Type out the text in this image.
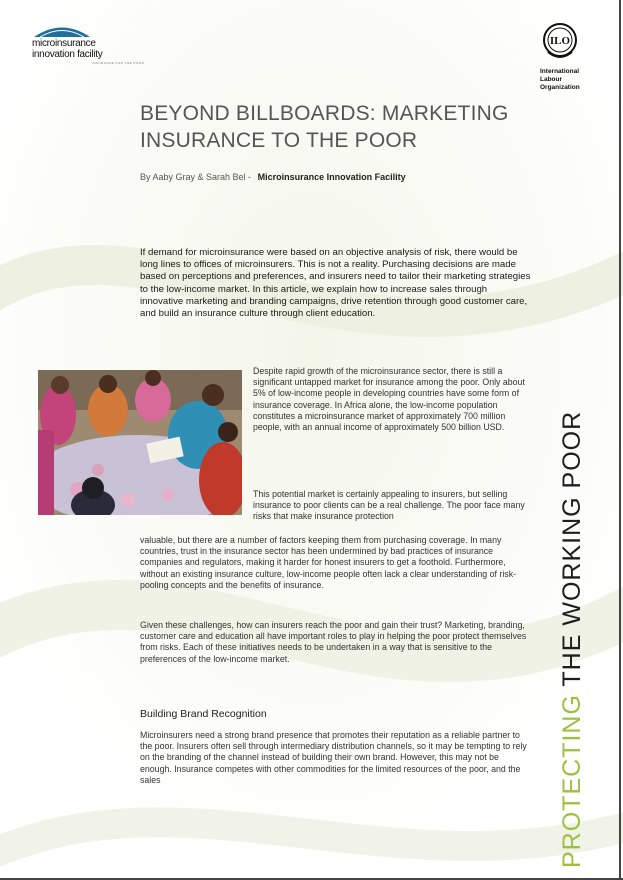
microinsurance
innovation facility
INSURANCE FOR THE POOR
ILO
International
Labour
Organization
BEYOND BILLBOARDS: MARKETING
INSURANCE TO THE POOR
By Aaby Gray & Sarah Bel - Microinsurance Innovation Facility

If demand for microinsurance were based on an objective analysis of risk, there would be long lines to offices of microinsurers. This is not a reality. Purchasing decisions are made based on perceptions and preferences, and insurers need to tailor their marketing strategies to the low-income market. In this article, we explain how to increase sales through innovative marketing and branding campaigns, drive retention through good customer care, and build an insurance culture through client education.

Despite rapid growth of the microinsurance sector, there is still a significant untapped market for insurance among the poor. Only about 5% of low-income people in developing countries have some form of insurance coverage. In Africa alone, the low-income population constitutes a microinsurance market of approximately 700 million people, with an annual income of approximately 500 billion USD.

This potential market is certainly appealing to insurers, but selling insurance to poor clients can be a real challenge. The poor face many risks that make insurance protection

valuable, but there are a number of factors keeping them from purchasing coverage. In many countries, trust in the insurance sector has been undermined by bad practices of insurance companies and regulators, making it harder for honest insurers to get a foothold. Furthermore, without an existing insurance culture, low-income people often lack a clear understanding of risk-pooling concepts and the benefits of insurance.

Given these challenges, how can insurers reach the poor and gain their trust? Marketing, branding, customer care and education all have important roles to play in helping the poor protect themselves from risks. Each of these initiatives needs to be undertaken in a way that is sensitive to the preferences of the low-income market.

Building Brand Recognition

Microinsurers need a strong brand presence that promotes their reputation as a reliable partner to the poor. Insurers often sell through intermediary distribution channels, so it may be tempting to rely on the branding of the channel instead of building their own brand. However, this may not be enough. Insurance competes with other commodities for the limited resources of the poor, and the sales	PROTECTING THE WORKING POOR
